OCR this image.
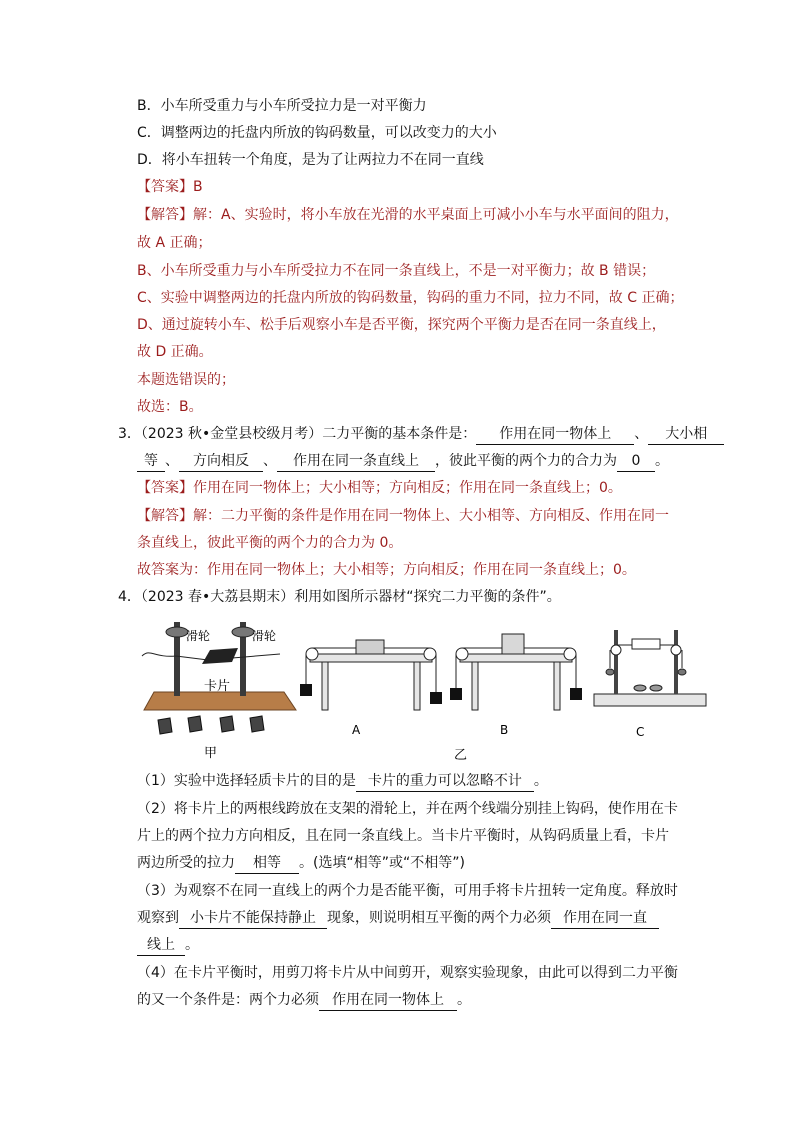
B．小车所受重力与小车所受拉力是一对平衡力
C．调整两边的托盘内所放的钩码数量，可以改变力的大小
D．将小车扭转一个角度，是为了让两拉力不在同一直线
【答案】B
【解答】解：A、实验时，将小车放在光滑的水平桌面上可减小小车与水平面间的阻力，
故 A 正确；
B、小车所受重力与小车所受拉力不在同一条直线上，不是一对平衡力；故 B 错误；
C、实验中调整两边的托盘内所放的钩码数量，钩码的重力不同，拉力不同，故 C 正确；
D、通过旋转小车、松手后观察小车是否平衡，探究两个平衡力是否在同一条直线上，
故 D 正确。
本题选错误的；
故选：B。
3．（2023 秋•金堂县校级月考）二力平衡的基本条件是： 作用在同一物体上 、 大小相
等 、 方向相反 、 作用在同一条直线上 ，彼此平衡的两个力的合力为 0 。
【答案】作用在同一物体上；大小相等；方向相反；作用在同一条直线上；0。
【解答】解：二力平衡的条件是作用在同一物体上、大小相等、方向相反、作用在同一
条直线上，彼此平衡的两个力的合力为 0。
故答案为：作用在同一物体上；大小相等；方向相反；作用在同一条直线上；0。
4．（2023 春•大荔县期末）利用如图所示器材“探究二力平衡的条件”。
滑轮	滑轮
卡片
甲
A	B
乙
C
（1）实验中选择轻质卡片的目的是 卡片的重力可以忽略不计 。
（2）将卡片上的两根线跨放在支架的滑轮上，并在两个线端分别挂上钩码，使作用在卡
片上的两个拉力方向相反，且在同一条直线上。当卡片平衡时，从钩码质量上看，卡片
两边所受的拉力 相等 。(选填“相等”或“不相等”)
（3）为观察不在同一直线上的两个力是否能平衡，可用手将卡片扭转一定角度。释放时
观察到 小卡片不能保持静止 现象，则说明相互平衡的两个力必须 作用在同一直
线上 。
（4）在卡片平衡时，用剪刀将卡片从中间剪开，观察实验现象，由此可以得到二力平衡
的又一个条件是：两个力必须 作用在同一物体上 。
